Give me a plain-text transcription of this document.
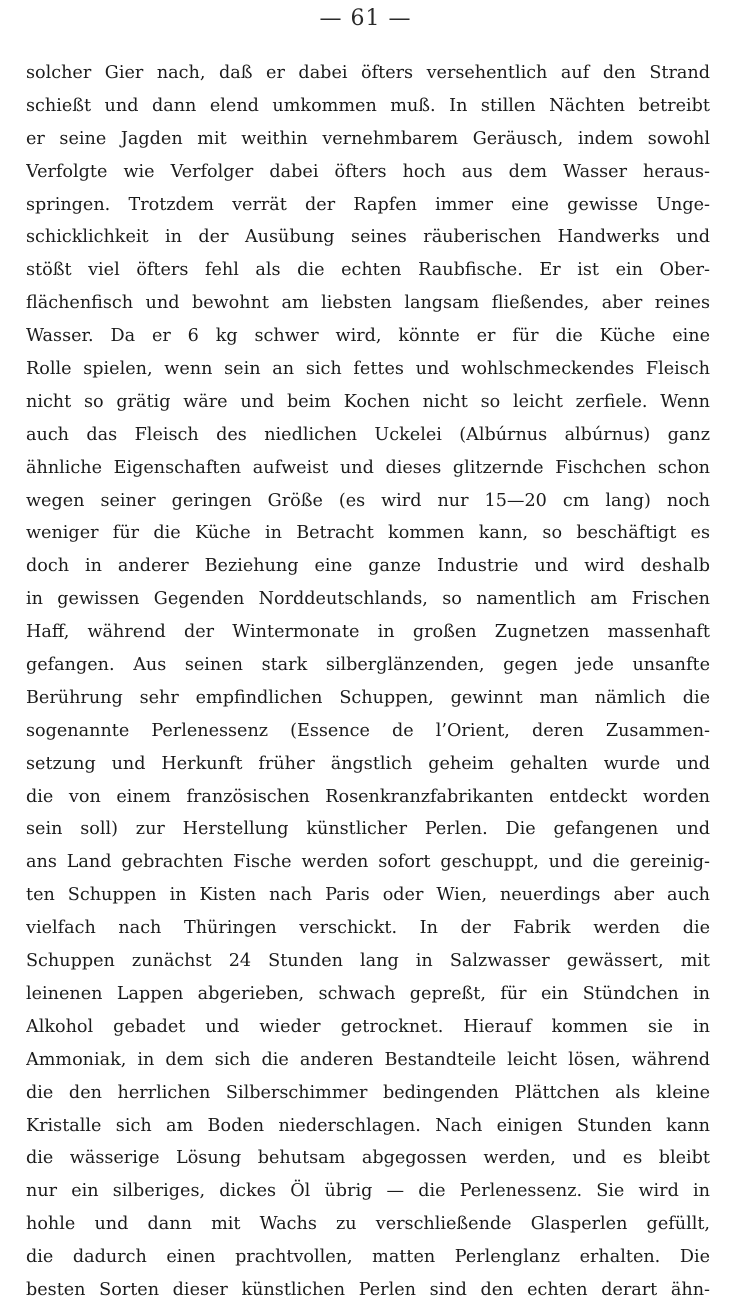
— 61 —
solcher Gier nach, daß er dabei öfters versehentlich auf den Strand
schießt und dann elend umkommen muß. In stillen Nächten betreibt
er seine Jagden mit weithin vernehmbarem Geräusch, indem sowohl
Verfolgte wie Verfolger dabei öfters hoch aus dem Wasser heraus-
springen. Trotzdem verrät der Rapfen immer eine gewisse Unge-
schicklichkeit in der Ausübung seines räuberischen Handwerks und
stößt viel öfters fehl als die echten Raubfische. Er ist ein Ober-
flächenfisch und bewohnt am liebsten langsam fließendes, aber reines
Wasser. Da er 6 kg schwer wird, könnte er für die Küche eine
Rolle spielen, wenn sein an sich fettes und wohlschmeckendes Fleisch
nicht so grätig wäre und beim Kochen nicht so leicht zerfiele. Wenn
auch das Fleisch des niedlichen Uckelei (Albúrnus albúrnus) ganz
ähnliche Eigenschaften aufweist und dieses glitzernde Fischchen schon
wegen seiner geringen Größe (es wird nur 15—20 cm lang) noch
weniger für die Küche in Betracht kommen kann, so beschäftigt es
doch in anderer Beziehung eine ganze Industrie und wird deshalb
in gewissen Gegenden Norddeutschlands, so namentlich am Frischen
Haff, während der Wintermonate in großen Zugnetzen massenhaft
gefangen. Aus seinen stark silberglänzenden, gegen jede unsanfte
Berührung sehr empfindlichen Schuppen, gewinnt man nämlich die
sogenannte Perlenessenz (Essence de l’Orient, deren Zusammen-
setzung und Herkunft früher ängstlich geheim gehalten wurde und
die von einem französischen Rosenkranzfabrikanten entdeckt worden
sein soll) zur Herstellung künstlicher Perlen. Die gefangenen und
ans Land gebrachten Fische werden sofort geschuppt, und die gereinig-
ten Schuppen in Kisten nach Paris oder Wien, neuerdings aber auch
vielfach nach Thüringen verschickt. In der Fabrik werden die
Schuppen zunächst 24 Stunden lang in Salzwasser gewässert, mit
leinenen Lappen abgerieben, schwach gepreßt, für ein Stündchen in
Alkohol gebadet und wieder getrocknet. Hierauf kommen sie in
Ammoniak, in dem sich die anderen Bestandteile leicht lösen, während
die den herrlichen Silberschimmer bedingenden Plättchen als kleine
Kristalle sich am Boden niederschlagen. Nach einigen Stunden kann
die wässerige Lösung behutsam abgegossen werden, und es bleibt
nur ein silberiges, dickes Öl übrig — die Perlenessenz. Sie wird in
hohle und dann mit Wachs zu verschließende Glasperlen gefüllt,
die dadurch einen prachtvollen, matten Perlenglanz erhalten. Die
besten Sorten dieser künstlichen Perlen sind den echten derart ähn-
